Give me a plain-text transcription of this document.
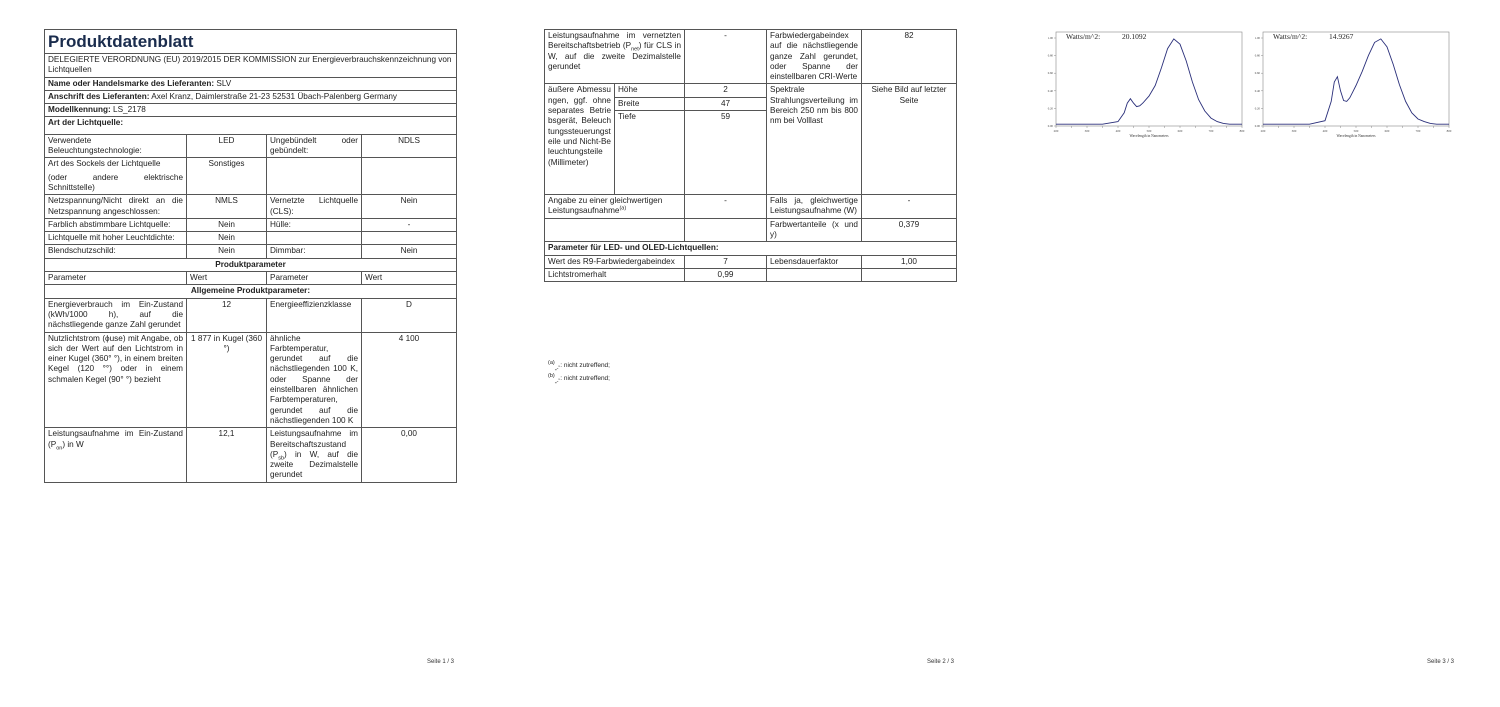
Produktdatenblatt			
DELEGIERTE VERORDNUNG (EU) 2019/2015 DER KOMMISSION zur Energieverbrauchskennzeichnung von Lichtquellen			
Name oder Handelsmarke des Lieferanten: SLV			
Anschrift des Lieferanten: Axel Kranz, Daimlerstraße 21-23 52531 Übach-Palenberg Germany			
Modellkennung: LS_2178			
Art der Lichtquelle:			
Verwendete Beleuchtungstechnologie:	LED	Ungebündelt oder gebündelt:	NDLS

Art des Sockels der Lichtquelle
(oder andere elektrische Schnittstelle)	Sonstiges		
Netzspannung/Nicht direkt an die Netzspannung angeschlossen:	NMLS	Vernetzte Lichtquelle (CLS):	Nein
Farblich abstimmbare Lichtquelle:	Nein	Hülle:	-
Lichtquelle mit hoher Leuchtdichte:	Nein		
Blendschutzschild:	Nein	Dimmbar:	Nein
Produktparameter			
Parameter	Wert	Parameter	Wert
Allgemeine Produktparameter:			
Energieverbrauch im Ein-Zustand (kWh/1000 h), auf die nächstliegende ganze Zahl gerundet	12	Energieeffizienzklasse	D
Nutzlichtstrom (ϕuse) mit Angabe, ob sich der Wert auf den Lichtstrom in einer Kugel (360° °), in einem breiten Kegel (120 °°) oder in einem schmalen Kegel (90° °) bezieht	1 877 in Kugel (360 °)	ähnliche Farbtemperatur, gerundet auf die nächstliegenden 100 K, oder Spanne der einstellbaren ähnlichen Farbtemperaturen, gerundet auf die nächstliegenden 100 K	4 100
Leistungsaufnahme im Ein-Zustand $(P_{on})$ in W	12,1	Leistungsaufnahme im Bereitschaftszustand $(P_{sb})$ in W, auf die zweite Dezimalstelle gerundet	0,00
Seite 1 / 3
Leistungsaufnahme im vernetzten Bereitschaftsbetrieb $(P_{net})$ für CLS in W, auf die zweite Dezimalstelle gerundet		-	Farbwiedergabeindex auf die nächstliegende ganze Zahl gerundet, oder Spanne der einstellbaren CRI-Werte	82
äußere Abmessungen, ggf. ohne separates Betriebsgerät, Beleuchtungssteuerungsteile und Nicht-Beleuchtungsteile (Millimeter)	Höhe	2	Spektrale Strahlungsverteilung im Bereich 250 nm bis 800 nm bei Volllast	Siehe Bild auf letzter Seite
	Breite	47		
	Tiefe	59		
Angabe zu einer gleichwertigen Leistungsaufnahme$^{(a)}$		-	Falls ja, gleichwertige Leistungsaufnahme (W)	-
			Farbwertanteile (x und y)	0,379
Parameter für LED- und OLED-Lichtquellen:				
Wert des R9-Farbwiedergabeindex		7	Lebensdauerfaktor	1,00
Lichtstromerhalt		0,99		
$^{(a)}_{„-“}$: nicht zutreffend;
$^{(b)}_{„-“}$: nicht zutreffend;
Seite 2 / 3
200	300	400	500	600	700	800
0.00
0.20
0.40
0.60
0.80
1.00
Wavelength in Nanometers
Watts/m^2:	20.1092
200	300	400	500	600	700	800
0.00
0.20
0.40
0.60
0.80
1.00
Wavelength in Nanometers
Watts/m^2:	14.9267
Seite 3 / 3
